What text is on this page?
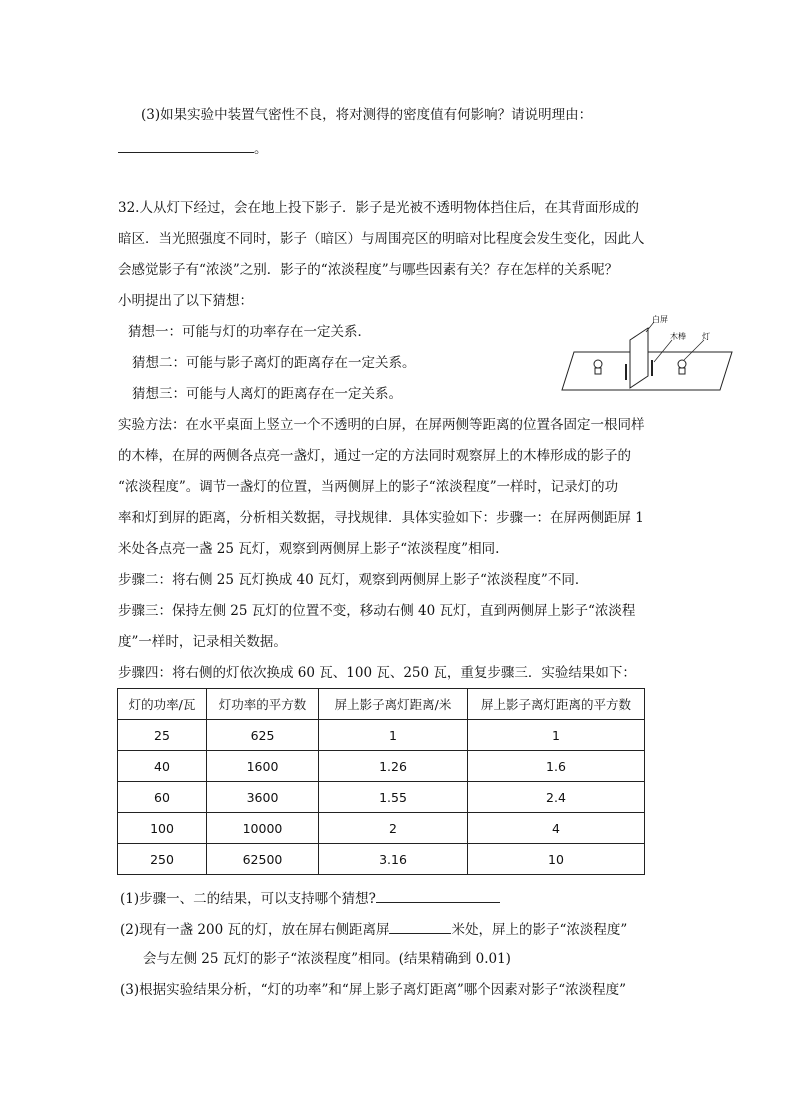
(3)如果实验中装置气密性不良，将对测得的密度值有何影响？请说明理由：
。
32.人从灯下经过，会在地上投下影子．影子是光被不透明物体挡住后，在其背面形成的
暗区．当光照强度不同时，影子（暗区）与周围亮区的明暗对比程度会发生变化，因此人
会感觉影子有“浓淡”之别．影子的“浓淡程度”与哪些因素有关？存在怎样的关系呢？
小明提出了以下猜想：
猜想一：可能与灯的功率存在一定关系．
猜想二：可能与影子离灯的距离存在一定关系。
猜想三：可能与人离灯的距离存在一定关系。
白屏
木棒 灯
实验方法：在水平桌面上竖立一个不透明的白屏，在屏两侧等距离的位置各固定一根同样
的木棒，在屏的两侧各点亮一盏灯，通过一定的方法同时观察屏上的木棒形成的影子的
“浓淡程度”。调节一盏灯的位置，当两侧屏上的影子“浓淡程度”一样时，记录灯的功
率和灯到屏的距离，分析相关数据，寻找规律．具体实验如下：步骤一：在屏两侧距屏 1
米处各点亮一盏 25 瓦灯，观察到两侧屏上影子“浓淡程度”相同.
步骤二：将右侧 25 瓦灯换成 40 瓦灯，观察到两侧屏上影子“浓淡程度”不同．
步骤三：保持左侧 25 瓦灯的位置不变，移动右侧 40 瓦灯，直到两侧屏上影子“浓淡程
度”一样时，记录相关数据。
步骤四：将右侧的灯依次换成 60 瓦、100 瓦、250 瓦，重复步骤三．实验结果如下：
灯的功率/瓦	灯功率的平方数	屏上影子离灯距离/米	屏上影子离灯距离的平方数
25	625	1	1
40	1600	1.26	1.6
60	3600	1.55	2.4
100	10000	2	4
250	62500	3.16	10
(1)步骤一、二的结果，可以支持哪个猜想?
(2)现有一盏 200 瓦的灯，放在屏右侧距离屏	米处，屏上的影子“浓淡程度”
会与左侧 25 瓦灯的影子“浓淡程度”相同。(结果精确到 0.01)
(3)根据实验结果分析，“灯的功率”和“屏上影子离灯距离”哪个因素对影子“浓淡程度”
